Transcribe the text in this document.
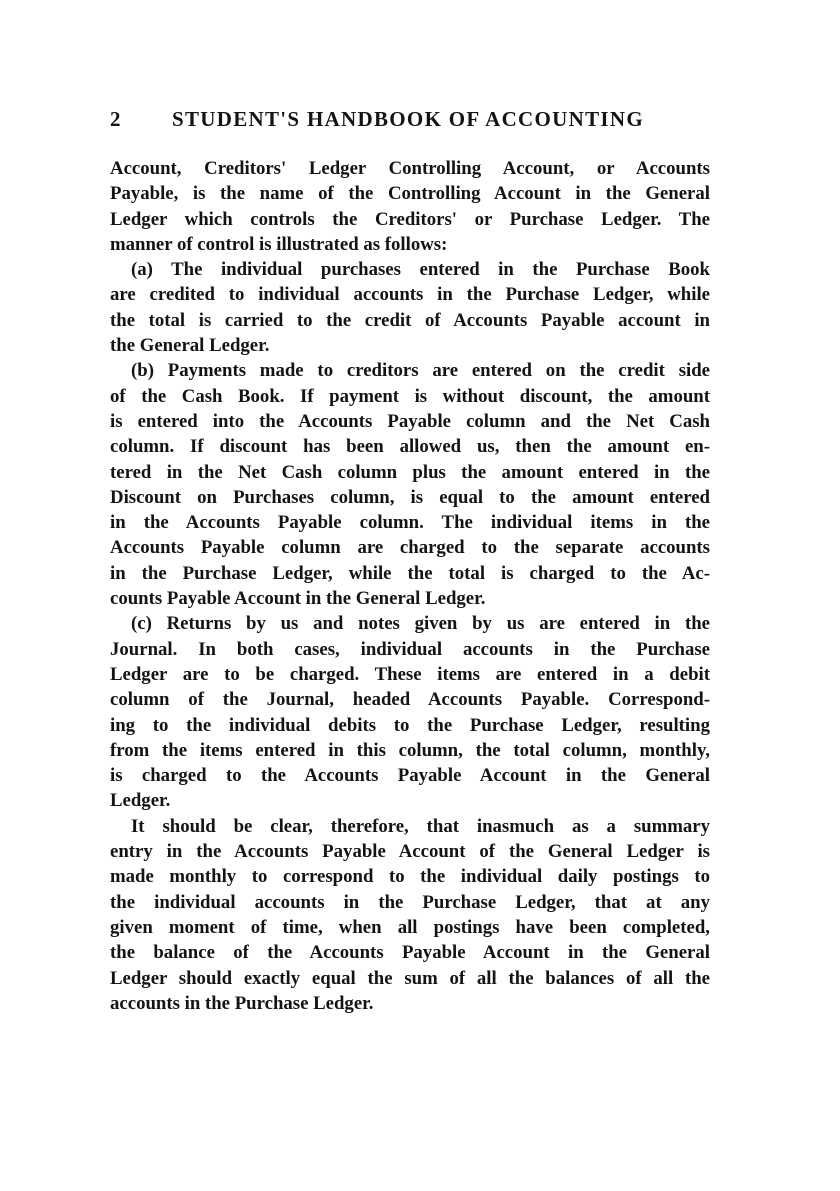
2 STUDENT'S HANDBOOK OF ACCOUNTING
Account, Creditors' Ledger Controlling Account, or Accounts
Payable, is the name of the Controlling Account in the General
Ledger which controls the Creditors' or Purchase Ledger. The
manner of control is illustrated as follows:
(a) The individual purchases entered in the Purchase Book
are credited to individual accounts in the Purchase Ledger, while
the total is carried to the credit of Accounts Payable account in
the General Ledger.
(b) Payments made to creditors are entered on the credit side
of the Cash Book. If payment is without discount, the amount
is entered into the Accounts Payable column and the Net Cash
column. If discount has been allowed us, then the amount en-
tered in the Net Cash column plus the amount entered in the
Discount on Purchases column, is equal to the amount entered
in the Accounts Payable column. The individual items in the
Accounts Payable column are charged to the separate accounts
in the Purchase Ledger, while the total is charged to the Ac-
counts Payable Account in the General Ledger.
(c) Returns by us and notes given by us are entered in the
Journal. In both cases, individual accounts in the Purchase
Ledger are to be charged. These items are entered in a debit
column of the Journal, headed Accounts Payable. Correspond-
ing to the individual debits to the Purchase Ledger, resulting
from the items entered in this column, the total column, monthly,
is charged to the Accounts Payable Account in the General
Ledger.
It should be clear, therefore, that inasmuch as a summary
entry in the Accounts Payable Account of the General Ledger is
made monthly to correspond to the individual daily postings to
the individual accounts in the Purchase Ledger, that at any
given moment of time, when all postings have been completed,
the balance of the Accounts Payable Account in the General
Ledger should exactly equal the sum of all the balances of all the
accounts in the Purchase Ledger.
